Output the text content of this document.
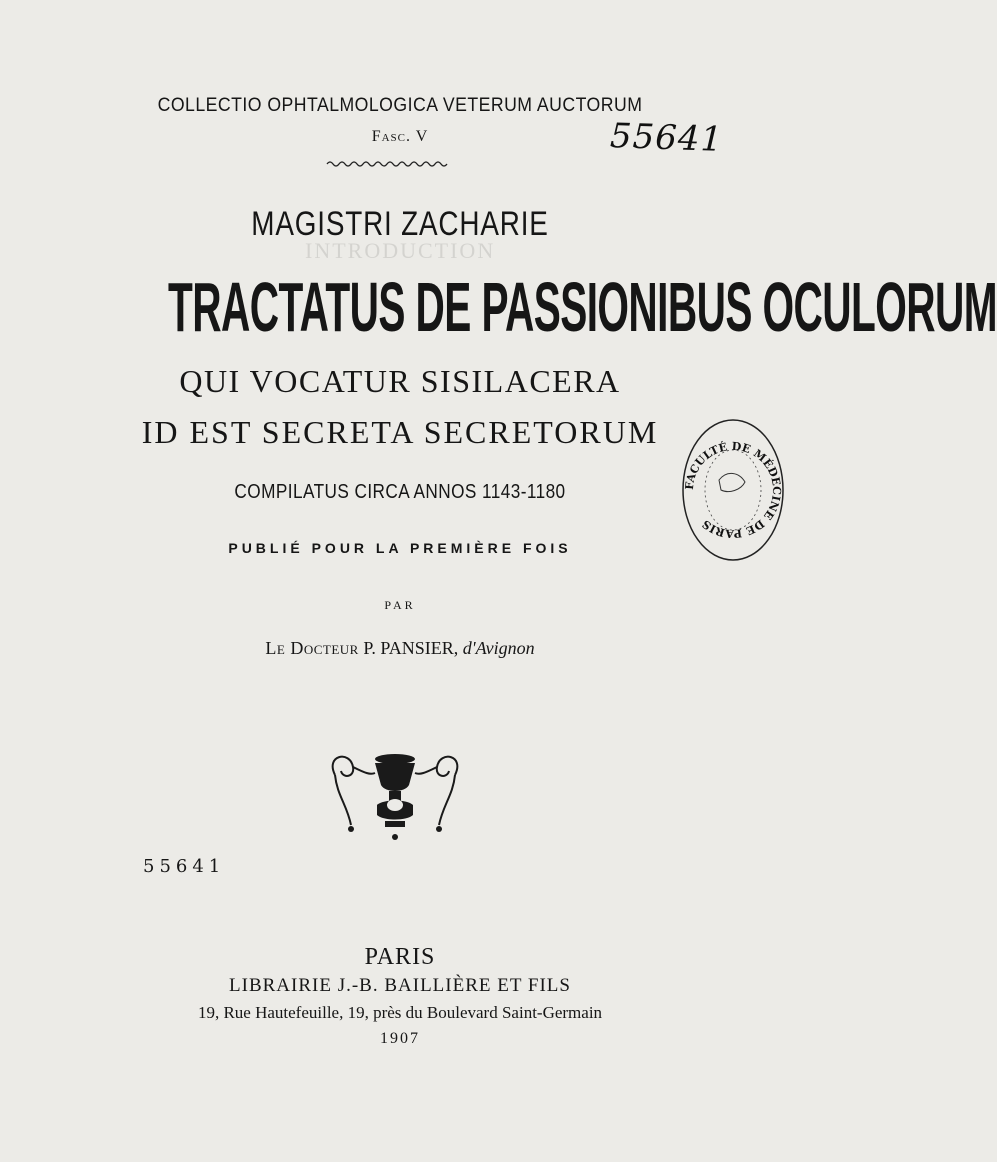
INTRODUCTION
COLLECTIO OPHTALMOLOGICA VETERUM AUCTORUM
Fasc. V	55641
MAGISTRI ZACHARIE
TRACTATUS DE PASSIONIBUS OCULORUM
QUI VOCATUR SISILACERA
ID EST SECRETA SECRETORUM
COMPILATUS CIRCA ANNOS 1143-1180
PUBLIÉ POUR LA PREMIÈRE FOIS
PAR
Le Docteur P. PANSIER, d'Avignon
55641
PARIS
LIBRAIRIE J.-B. BAILLIÈRE ET FILS
19, Rue Hautefeuille, 19, près du Boulevard Saint-Germain
1907
FACULTÉ DE MÉDECINE DE PARIS
